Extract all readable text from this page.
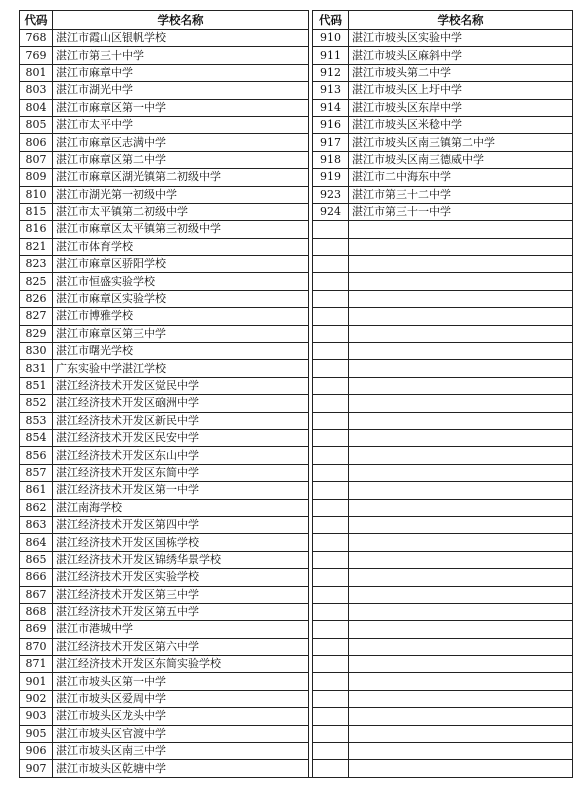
代码	学校名称		代码	学校名称
768	湛江市霞山区银帆学校		910	湛江市坡头区实验中学
769	湛江市第三十中学		911	湛江市坡头区麻斜中学
801	湛江市麻章中学		912	湛江市坡头第二中学
803	湛江市湖光中学		913	湛江市坡头区上圩中学
804	湛江市麻章区第一中学		914	湛江市坡头区东岸中学
805	湛江市太平中学		916	湛江市坡头区米稔中学
806	湛江市麻章区志满中学		917	湛江市坡头区南三镇第二中学
807	湛江市麻章区第二中学		918	湛江市坡头区南三德威中学
809	湛江市麻章区湖光镇第二初级中学		919	湛江市二中海东中学
810	湛江市湖光第一初级中学		923	湛江市第三十二中学
815	湛江市太平镇第二初级中学		924	湛江市第三十一中学
816	湛江市麻章区太平镇第三初级中学			
821	湛江市体育学校			
823	湛江市麻章区骄阳学校			
825	湛江市恒盛实验学校			
826	湛江市麻章区实验学校			
827	湛江市博雅学校			
829	湛江市麻章区第三中学			
830	湛江市曙光学校			
831	广东实验中学湛江学校			
851	湛江经济技术开发区觉民中学			
852	湛江经济技术开发区硇洲中学			
853	湛江经济技术开发区新民中学			
854	湛江经济技术开发区民安中学			
856	湛江经济技术开发区东山中学			
857	湛江经济技术开发区东简中学			
861	湛江经济技术开发区第一中学			
862	湛江南海学校			
863	湛江经济技术开发区第四中学			
864	湛江经济技术开发区国栋学校			
865	湛江经济技术开发区锦绣华景学校			
866	湛江经济技术开发区实验学校			
867	湛江经济技术开发区第三中学			
868	湛江经济技术开发区第五中学			
869	湛江市港城中学			
870	湛江经济技术开发区第六中学			
871	湛江经济技术开发区东简实验学校			
901	湛江市坡头区第一中学			
902	湛江市坡头区爱周中学			
903	湛江市坡头区龙头中学			
905	湛江市坡头区官渡中学			
906	湛江市坡头区南三中学			
907	湛江市坡头区乾塘中学			
